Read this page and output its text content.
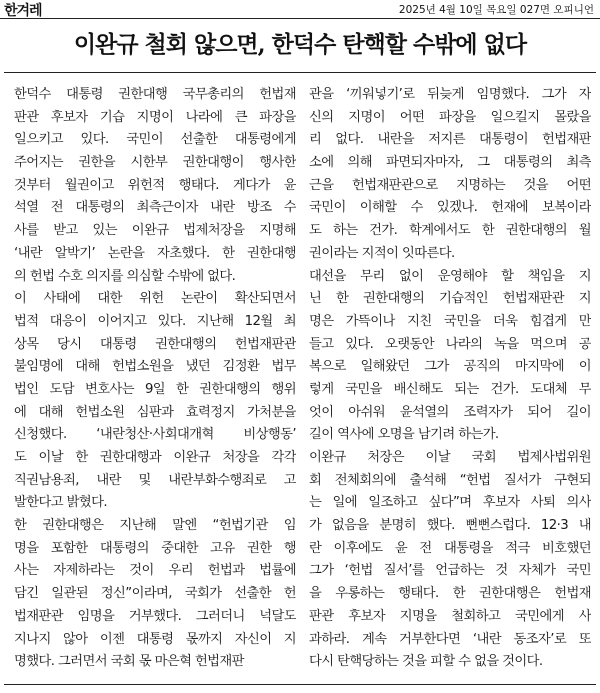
한겨레	2025년 4월 10일 목요일 027면 오피니언
이완규 철회 않으면, 한덕수 탄핵할 수밖에 없다
한덕수 대통령 권한대행 국무총리의 헌법재
판관 후보자 기습 지명이 나라에 큰 파장을
일으키고 있다. 국민이 선출한 대통령에게
주어지는 권한을 시한부 권한대행이 행사한
것부터 월권이고 위헌적 행태다. 게다가 윤
석열 전 대통령의 최측근이자 내란 방조 수
사를 받고 있는 이완규 법제처장을 지명해
‘내란 알박기’ 논란을 자초했다. 한 권한대행
의 헌법 수호 의지를 의심할 수밖에 없다.
이 사태에 대한 위헌 논란이 확산되면서
법적 대응이 이어지고 있다. 지난해 12월 최
상목 당시 대통령 권한대행의 헌법재판관
불임명에 대해 헌법소원을 냈던 김정환 법무
법인 도담 변호사는 9일 한 권한대행의 행위
에 대해 헌법소원 심판과 효력정지 가처분을
신청했다. ‘내란청산·사회대개혁 비상행동’
도 이날 한 권한대행과 이완규 처장을 각각
직권남용죄, 내란 및 내란부화수행죄로 고
발한다고 밝혔다.
한 권한대행은 지난해 말엔 “헌법기관 임
명을 포함한 대통령의 중대한 고유 권한 행
사는 자제하라는 것이 우리 헌법과 법률에
담긴 일관된 정신”이라며, 국회가 선출한 헌
법재판관 임명을 거부했다. 그러더니 넉달도
지나지 않아 이젠 대통령 몫까지 자신이 지
명했다. 그러면서 국회 몫 마은혁 헌법재판
관을 ‘끼워넣기’로 뒤늦게 임명했다. 그가 자
신의 지명이 어떤 파장을 일으킬지 몰랐을
리 없다. 내란을 저지른 대통령이 헌법재판
소에 의해 파면되자마자, 그 대통령의 최측
근을 헌법재판관으로 지명하는 것을 어떤
국민이 이해할 수 있겠나. 헌재에 보복이라
도 하는 건가. 학계에서도 한 권한대행의 월
권이라는 지적이 잇따른다.
대선을 무리 없이 운영해야 할 책임을 지
닌 한 권한대행의 기습적인 헌법재판관 지
명은 가뜩이나 지친 국민을 더욱 힘겹게 만
들고 있다. 오랫동안 나라의 녹을 먹으며 공
복으로 일해왔던 그가 공직의 마지막에 이
렇게 국민을 배신해도 되는 건가. 도대체 무
엇이 아쉬워 윤석열의 조력자가 되어 길이
길이 역사에 오명을 남기려 하는가.
이완규 처장은 이날 국회 법제사법위원
회 전체회의에 출석해 “헌법 질서가 구현되
는 일에 일조하고 싶다”며 후보자 사퇴 의사
가 없음을 분명히 했다. 뻔뻔스럽다. 12·3 내
란 이후에도 윤 전 대통령을 적극 비호했던
그가 ‘헌법 질서’를 언급하는 것 자체가 국민
을 우롱하는 행태다. 한 권한대행은 헌법재
판관 후보자 지명을 철회하고 국민에게 사
과하라. 계속 거부한다면 ‘내란 동조자’로 또
다시 탄핵당하는 것을 피할 수 없을 것이다.
